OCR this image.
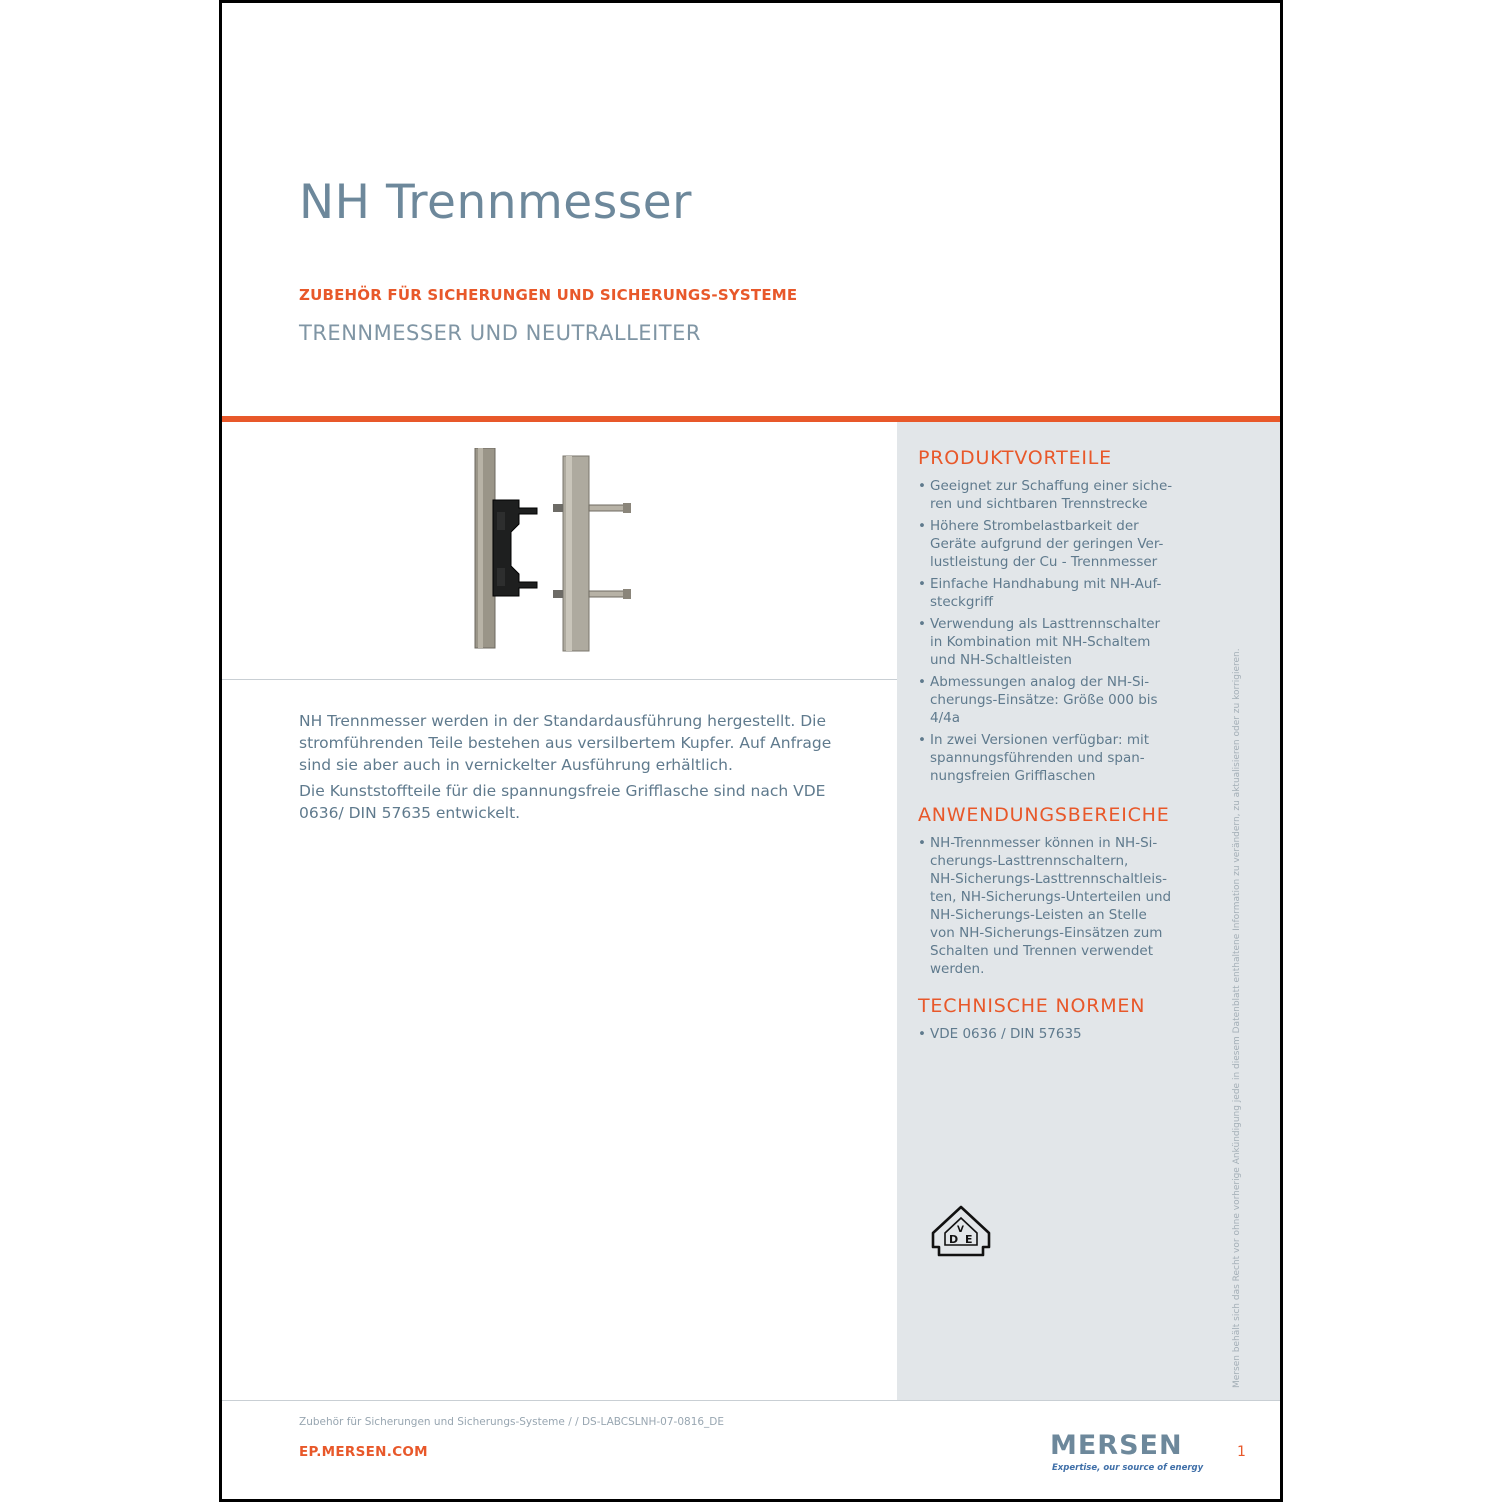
NH Trennmesser
ZUBEHÖR FÜR SICHERUNGEN UND SICHERUNGS-SYSTEME
TRENNMESSER UND NEUTRALLEITER

NH Trennmesser werden in der Standardausführung hergestellt. Die stromführenden Teile bestehen aus versilbertem Kupfer. Auf Anfrage sind sie aber auch in vernickelter Ausführung erhältlich.

Die Kunststoffteile für die spannungsfreie Grifflasche sind nach VDE 0636/ DIN 57635 entwickelt.

PRODUKTVORTEILE
• Geeignet zur Schaffung einer siche-
ren und sichtbaren Trennstrecke
• Höhere Strombelastbarkeit der
Geräte aufgrund der geringen Ver-
lustleistung der Cu - Trennmesser
• Einfache Handhabung mit NH-Auf-
steckgriff
• Verwendung als Lasttrennschalter
in Kombination mit NH-Schaltem
und NH-Schaltleisten
• Abmessungen analog der NH-Si-
cherungs-Einsätze: Größe 000 bis
4/4a
• In zwei Versionen verfügbar: mit
spannungsführenden und span-
nungsfreien Grifflaschen
ANWENDUNGSBEREICHE
• NH-Trennmesser können in NH-Si-
cherungs-Lasttrennschaltern,
NH-Sicherungs-Lasttrennschaltleis-
ten, NH-Sicherungs-Unterteilen und
NH-Sicherungs-Leisten an Stelle
von NH-Sicherungs-Einsätzen zum
Schalten und Trennen verwendet
werden.
TECHNISCHE NORMEN
• VDE 0636 / DIN 57635
D
V
E	Mersen behält sich das Recht vor ohne vorherige Ankündigung jede in diesem Datenblatt enthaltene Information zu verändern, zu aktualisieren oder zu korrigieren.
Zubehör für Sicherungen und Sicherungs-Systeme / / DS-LABCSLNH-07-0816_DE
EP.MERSEN.COM	MERSEN
Expertise, our source of energy
1
